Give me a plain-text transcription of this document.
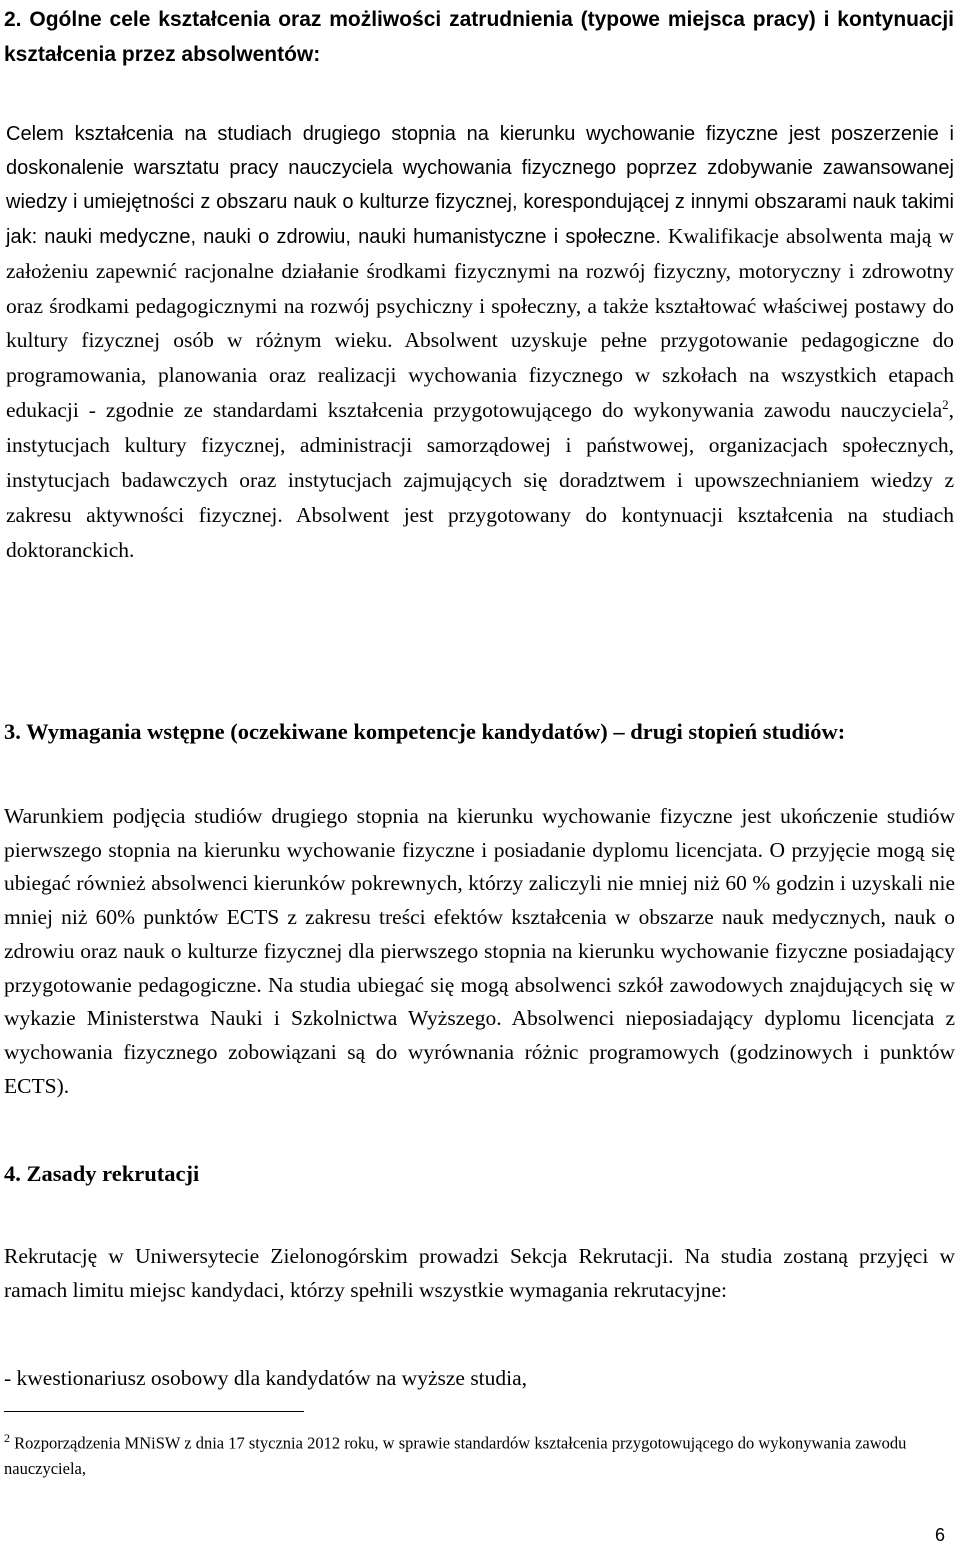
2. Ogólne cele kształcenia oraz możliwości zatrudnienia (typowe miejsca pracy) i kontynuacji kształcenia przez absolwentów:

Celem kształcenia na studiach drugiego stopnia na kierunku wychowanie fizyczne jest poszerzenie i doskonalenie warsztatu pracy nauczyciela wychowania fizycznego poprzez zdobywanie zawansowanej wiedzy i umiejętności z obszaru nauk o kulturze fizycznej, korespondującej z innymi obszarami nauk takimi jak: nauki medyczne, nauki o zdrowiu, nauki humanistyczne i społeczne. Kwalifikacje absolwenta mają w założeniu zapewnić racjonalne działanie środkami fizycznymi na rozwój fizyczny, motoryczny i zdrowotny oraz środkami pedagogicznymi na rozwój psychiczny i społeczny, a także kształtować właściwej postawy do kultury fizycznej osób w różnym wieku. Absolwent uzyskuje pełne przygotowanie pedagogiczne do programowania, planowania oraz realizacji wychowania fizycznego w szkołach na wszystkich etapach edukacji - zgodnie ze standardami kształcenia przygotowującego do wykonywania zawodu nauczyciela$^2$, instytucjach kultury fizycznej, administracji samorządowej i państwowej, organizacjach społecznych, instytucjach badawczych oraz instytucjach zajmujących się doradztwem i upowszechnianiem wiedzy z zakresu aktywności fizycznej. Absolwent jest przygotowany do kontynuacji kształcenia na studiach doktoranckich.

3. Wymagania wstępne (oczekiwane kompetencje kandydatów) ‒ drugi stopień studiów:

Warunkiem podjęcia studiów drugiego stopnia na kierunku wychowanie fizyczne jest ukończenie studiów pierwszego stopnia na kierunku wychowanie fizyczne i posiadanie dyplomu licencjata. O przyjęcie mogą się ubiegać również absolwenci kierunków pokrewnych, którzy zaliczyli nie mniej niż 60 % godzin i uzyskali nie mniej niż 60% punktów ECTS z zakresu treści efektów kształcenia w obszarze nauk medycznych, nauk o zdrowiu oraz nauk o kulturze fizycznej dla pierwszego stopnia na kierunku wychowanie fizyczne posiadający przygotowanie pedagogiczne. Na studia ubiegać się mogą absolwenci szkół zawodowych znajdujących się w wykazie Ministerstwa Nauki i Szkolnictwa Wyższego. Absolwenci nieposiadający dyplomu licencjata z wychowania fizycznego zobowiązani są do wyrównania różnic programowych (godzinowych i punktów ECTS).

4. Zasady rekrutacji

Rekrutację w Uniwersytecie Zielonogórskim prowadzi Sekcja Rekrutacji. Na studia zostaną przyjęci w ramach limitu miejsc kandydaci, którzy spełnili wszystkie wymagania rekrutacyjne:

- kwestionariusz osobowy dla kandydatów na wyższe studia,

$^2$ Rozporządzenia MNiSW z dnia 17 stycznia 2012 roku, w sprawie standardów kształcenia przygotowującego do wykonywania zawodu nauczyciela,

6
